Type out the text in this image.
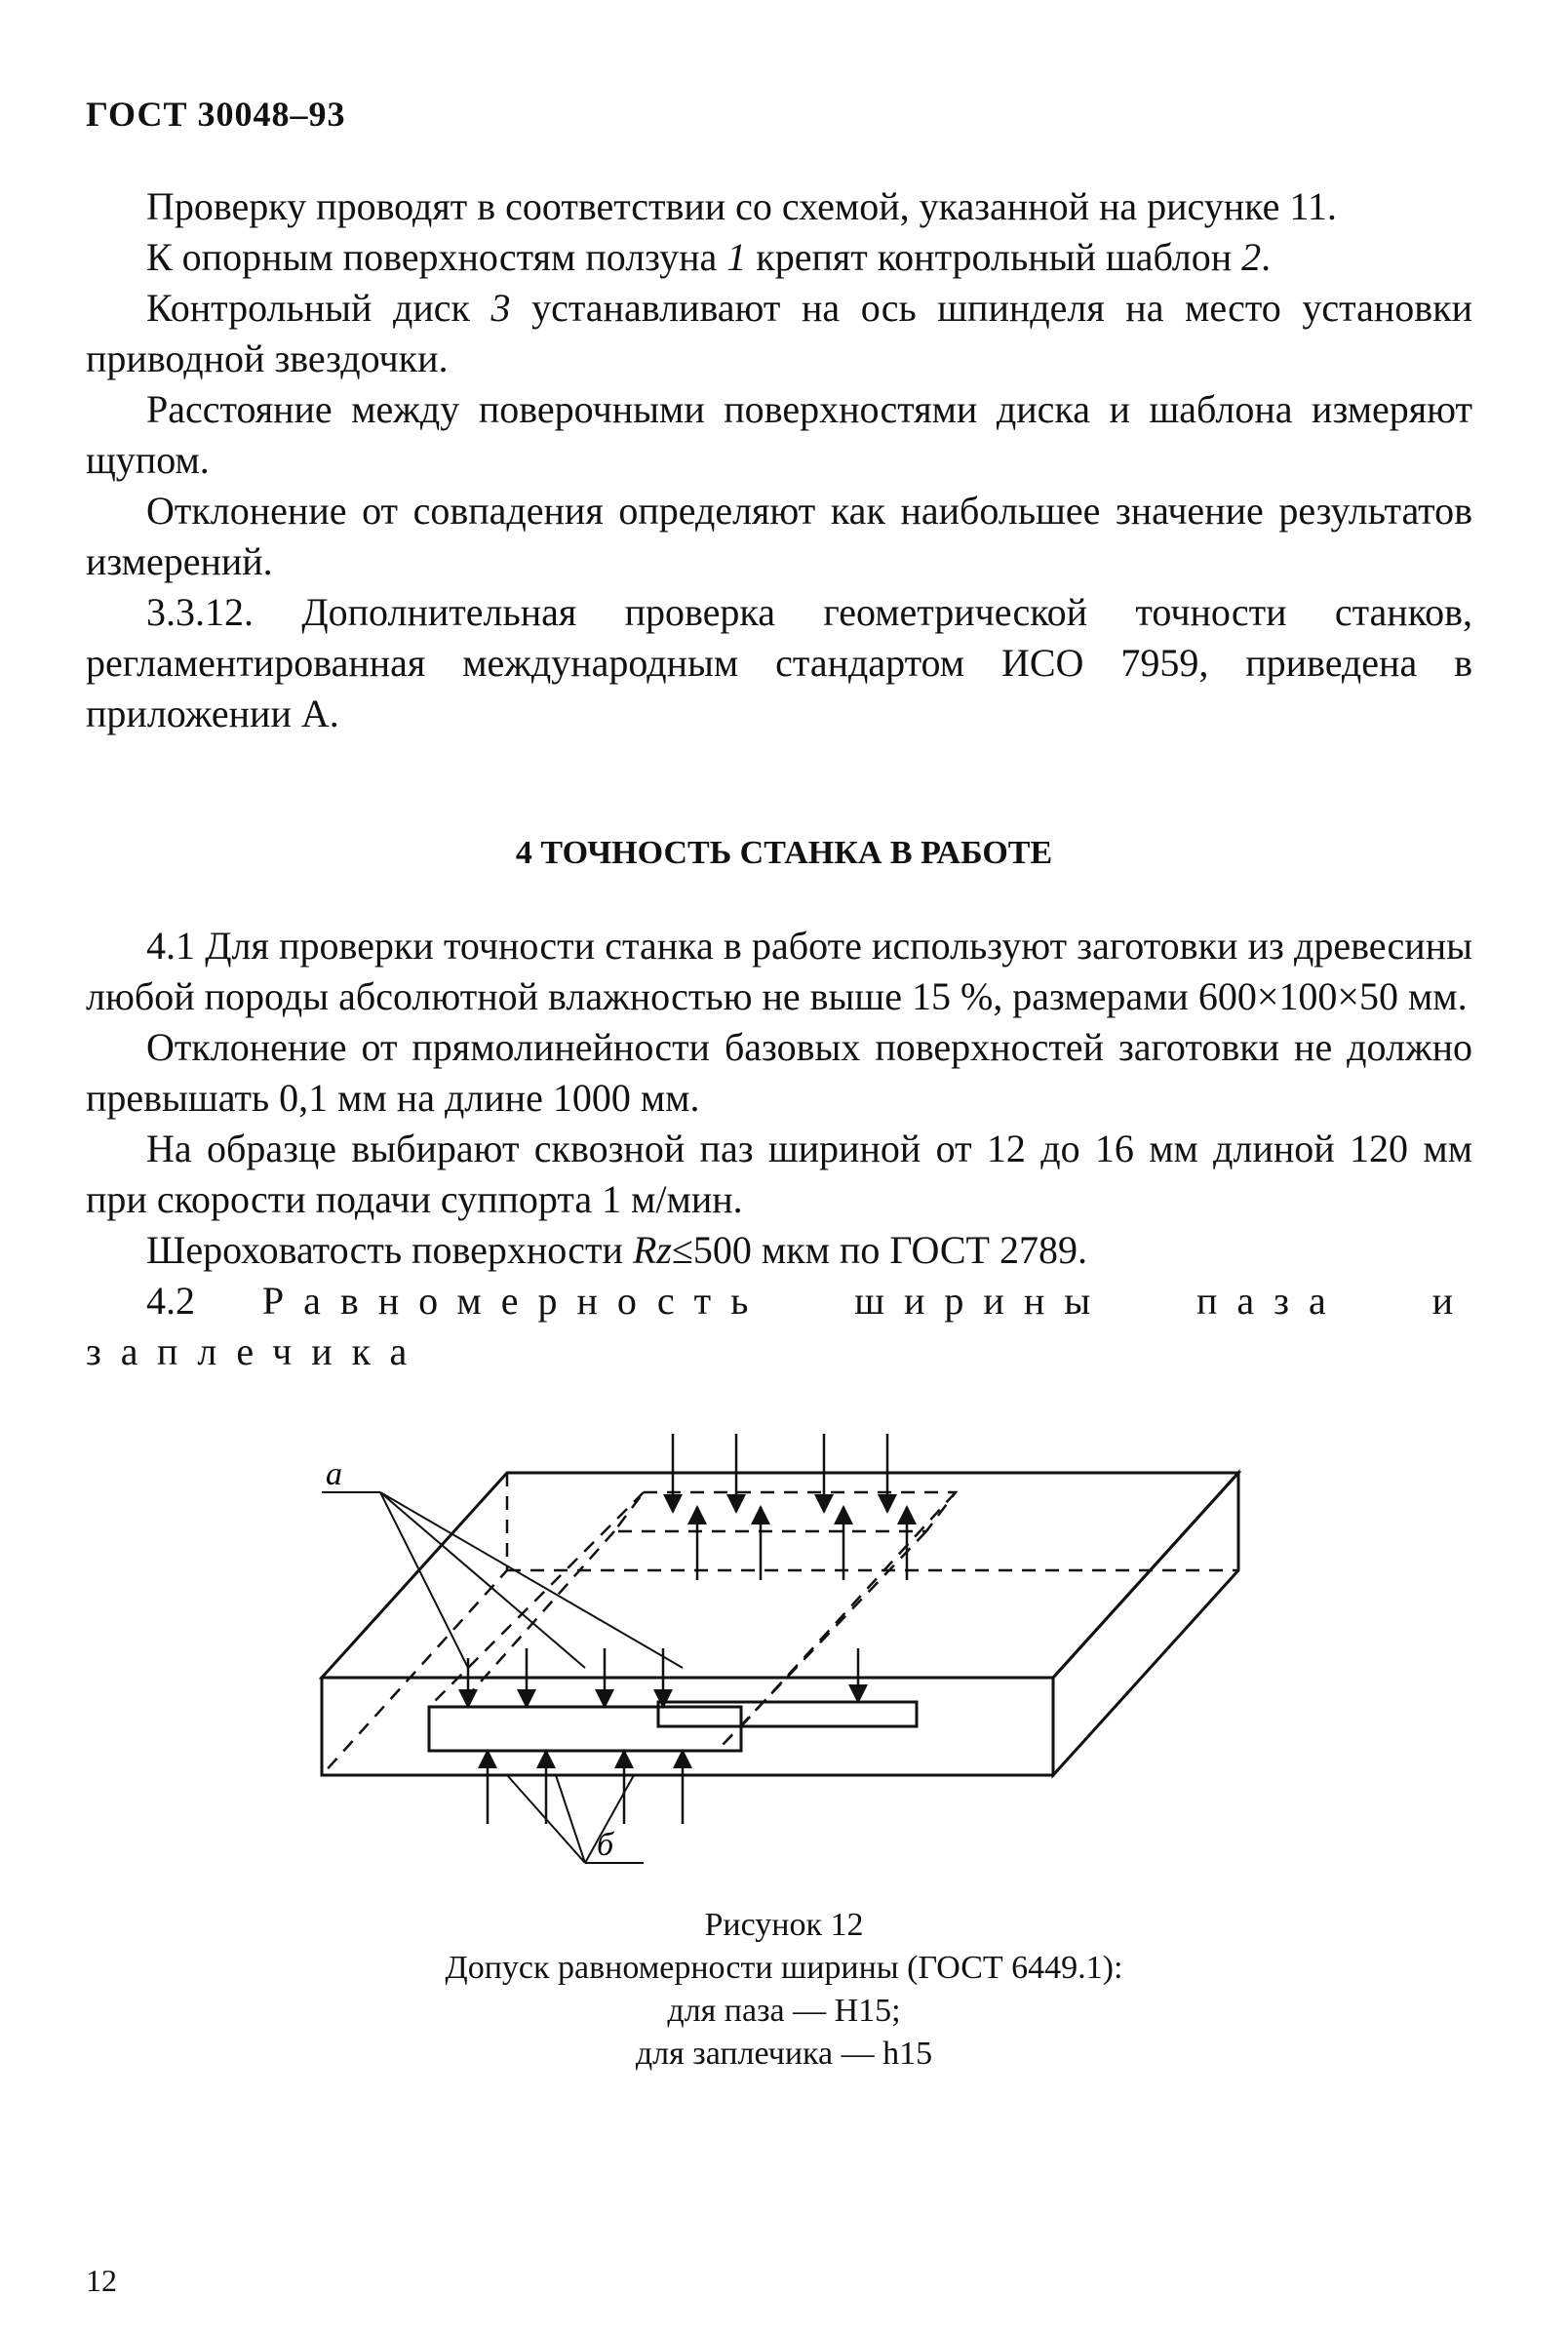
ГОСТ 30048–93

Проверку проводят в соответствии со схемой, указанной на рисунке 11.

К опорным поверхностям ползуна 1 крепят контрольный шаблон 2.

Контрольный диск 3 устанавливают на ось шпинделя на место установки приводной звездочки.

Расстояние между поверочными поверхностями диска и шаблона измеряют щупом.

Отклонение от совпадения определяют как наибольшее значение результатов измерений.

3.3.12. Дополнительная проверка геометрической точности станков, регламентированная международным стандартом ИСО 7959, приведена в приложении А.

4 ТОЧНОСТЬ СТАНКА В РАБОТЕ

4.1 Для проверки точности станка в работе используют заготовки из древесины любой породы абсолютной влажностью не выше 15 %, размерами 600×100×50 мм.

Отклонение от прямолинейности базовых поверхностей заготовки не должно превышать 0,1 мм на длине 1000 мм.

На образце выбирают сквозной паз шириной от 12 до 16 мм длиной 120 мм при скорости подачи суппорта 1 м/мин.

Шероховатость поверхности Rz≤500 мкм по ГОСТ 2789.

4.2 Равномерность ширины паза и заплечика

а
б
Рисунок 12
Допуск равномерности ширины (ГОСТ 6449.1):
для паза — Н15;
для заплечика — h15
12
